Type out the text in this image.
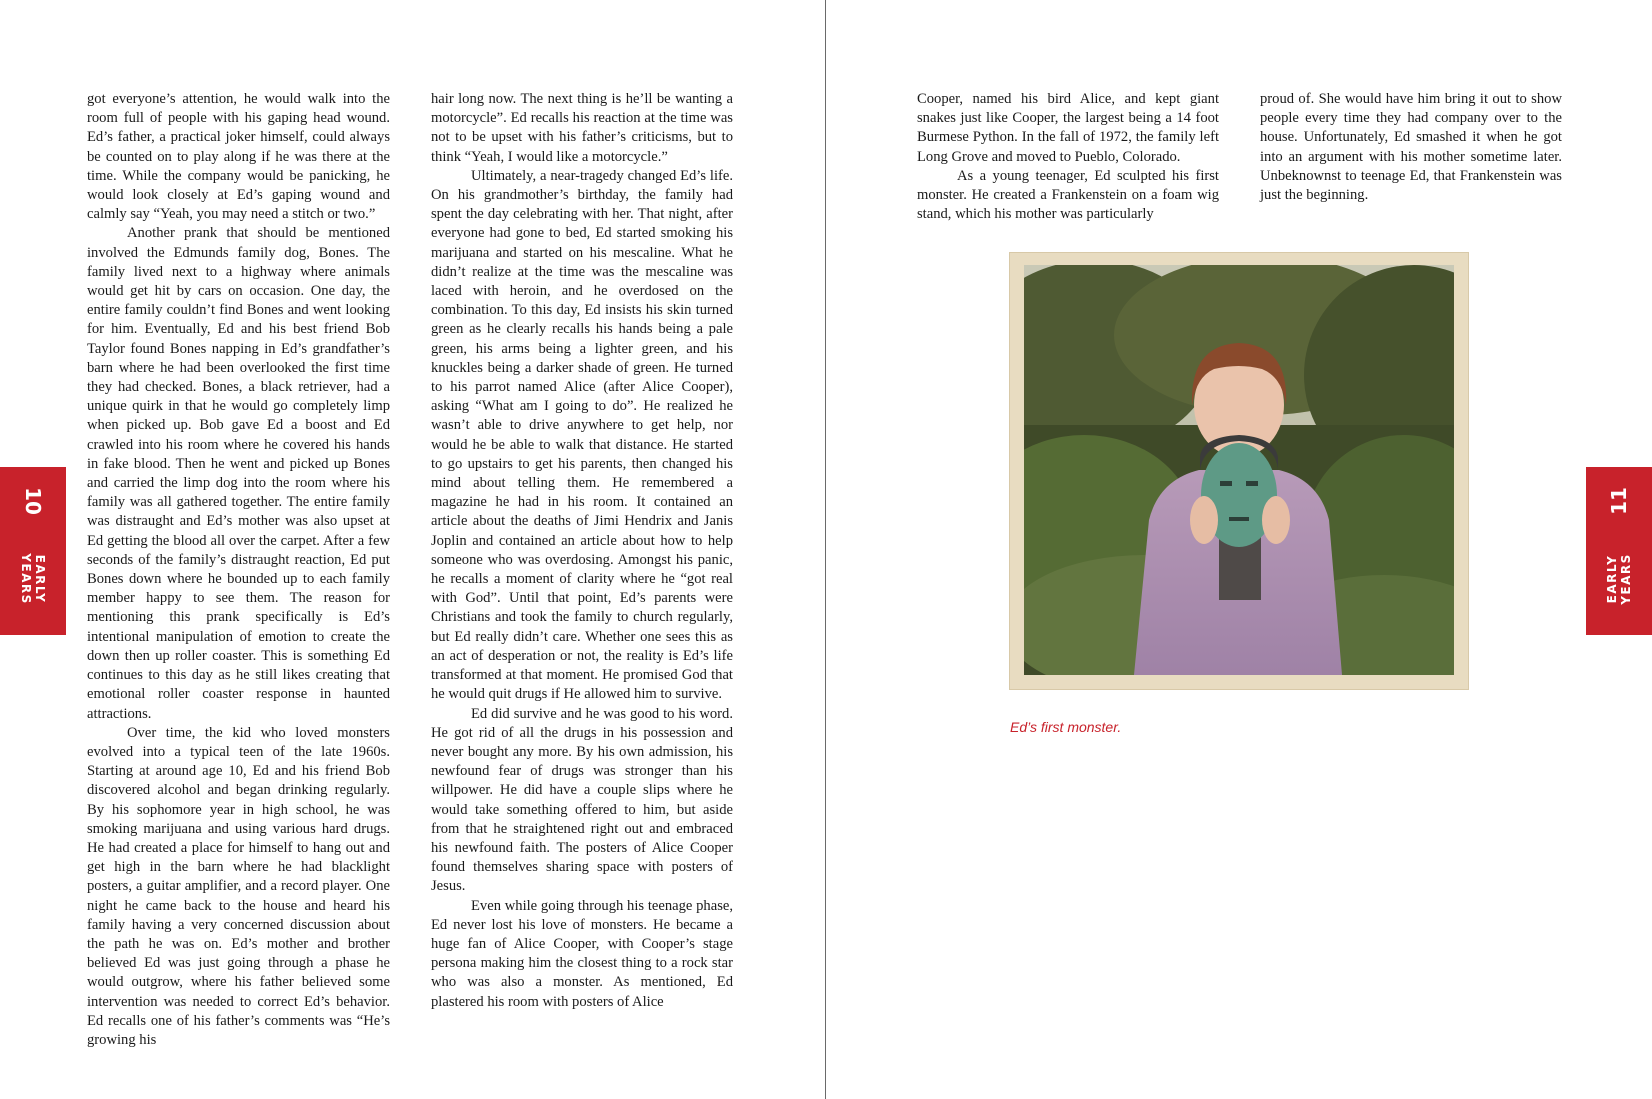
got everyone’s attention, he would walk into the room full of people with his gaping head wound. Ed’s father, a practical joker himself, could always be counted on to play along if he was there at the time. While the company would be panicking, he would look closely at Ed’s gaping wound and calmly say “Yeah, you may need a stitch or two.”

Another prank that should be mentioned involved the Edmunds family dog, Bones. The family lived next to a highway where animals would get hit by cars on occasion. One day, the entire family couldn’t find Bones and went looking for him. Eventually, Ed and his best friend Bob Taylor found Bones napping in Ed’s grandfather’s barn where he had been overlooked the first time they had checked. Bones, a black retriever, had a unique quirk in that he would go completely limp when picked up. Bob gave Ed a boost and Ed crawled into his room where he covered his hands in fake blood. Then he went and picked up Bones and carried the limp dog into the room where his family was all gathered together. The entire family was distraught and Ed’s mother was also upset at Ed getting the blood all over the carpet. After a few seconds of the family’s distraught reaction, Ed put Bones down where he bounded up to each family member happy to see them. The reason for mentioning this prank specifically is Ed’s intentional manipulation of emotion to create the down then up roller coaster. This is something Ed continues to this day as he still likes creating that emotional roller coaster response in haunted attractions.

Over time, the kid who loved monsters evolved into a typical teen of the late 1960s. Starting at around age 10, Ed and his friend Bob discovered alcohol and began drinking regularly. By his sophomore year in high school, he was smoking marijuana and using various hard drugs. He had created a place for himself to hang out and get high in the barn where he had blacklight posters, a guitar amplifier, and a record player. One night he came back to the house and heard his family having a very concerned discussion about the path he was on. Ed’s mother and brother believed Ed was just going through a phase he would outgrow, where his father believed some intervention was needed to correct Ed’s behavior. Ed recalls one of his father’s comments was “He’s growing his

hair long now. The next thing is he’ll be wanting a motorcycle”. Ed recalls his reaction at the time was not to be upset with his father’s criticisms, but to think “Yeah, I would like a motorcycle.”

Ultimately, a near-tragedy changed Ed’s life. On his grandmother’s birthday, the family had spent the day celebrating with her. That night, after everyone had gone to bed, Ed started smoking his marijuana and started on his mescaline. What he didn’t realize at the time was the mescaline was laced with heroin, and he overdosed on the combination. To this day, Ed insists his skin turned green as he clearly recalls his hands being a pale green, his arms being a lighter green, and his knuckles being a darker shade of green. He turned to his parrot named Alice (after Alice Cooper), asking “What am I going to do”. He realized he wasn’t able to drive anywhere to get help, nor would he be able to walk that distance. He started to go upstairs to get his parents, then changed his mind about telling them. He remembered a magazine he had in his room. It contained an article about the deaths of Jimi Hendrix and Janis Joplin and contained an article about how to help someone who was overdosing. Amongst his panic, he recalls a moment of clarity where he “got real with God”. Until that point, Ed’s parents were Christians and took the family to church regularly, but Ed really didn’t care. Whether one sees this as an act of desperation or not, the reality is Ed’s life transformed at that moment. He promised God that he would quit drugs if He allowed him to survive.

Ed did survive and he was good to his word. He got rid of all the drugs in his possession and never bought any more. By his own admission, his newfound fear of drugs was stronger than his willpower. He did have a couple slips where he would take something offered to him, but aside from that he straightened right out and embraced his newfound faith. The posters of Alice Cooper found themselves sharing space with posters of Jesus.

Even while going through his teenage phase, Ed never lost his love of monsters. He became a huge fan of Alice Cooper, with Cooper’s stage persona making him the closest thing to a rock star who was also a monster. As mentioned, Ed plastered his room with posters of Alice

Cooper, named his bird Alice, and kept giant snakes just like Cooper, the largest being a 14 foot Burmese Python. In the fall of 1972, the family left Long Grove and moved to Pueblo, Colorado.

As a young teenager, Ed sculpted his first monster. He created a Frankenstein on a foam wig stand, which his mother was particularly

proud of. She would have him bring it out to show people every time they had company over to the house. Unfortunately, Ed smashed it when he got into an argument with his mother sometime later. Unbeknownst to teenage Ed, that Frankenstein was just the beginning.

10
EARLY
YEARS
11
EARLY YEARS
Ed’s first monster.
